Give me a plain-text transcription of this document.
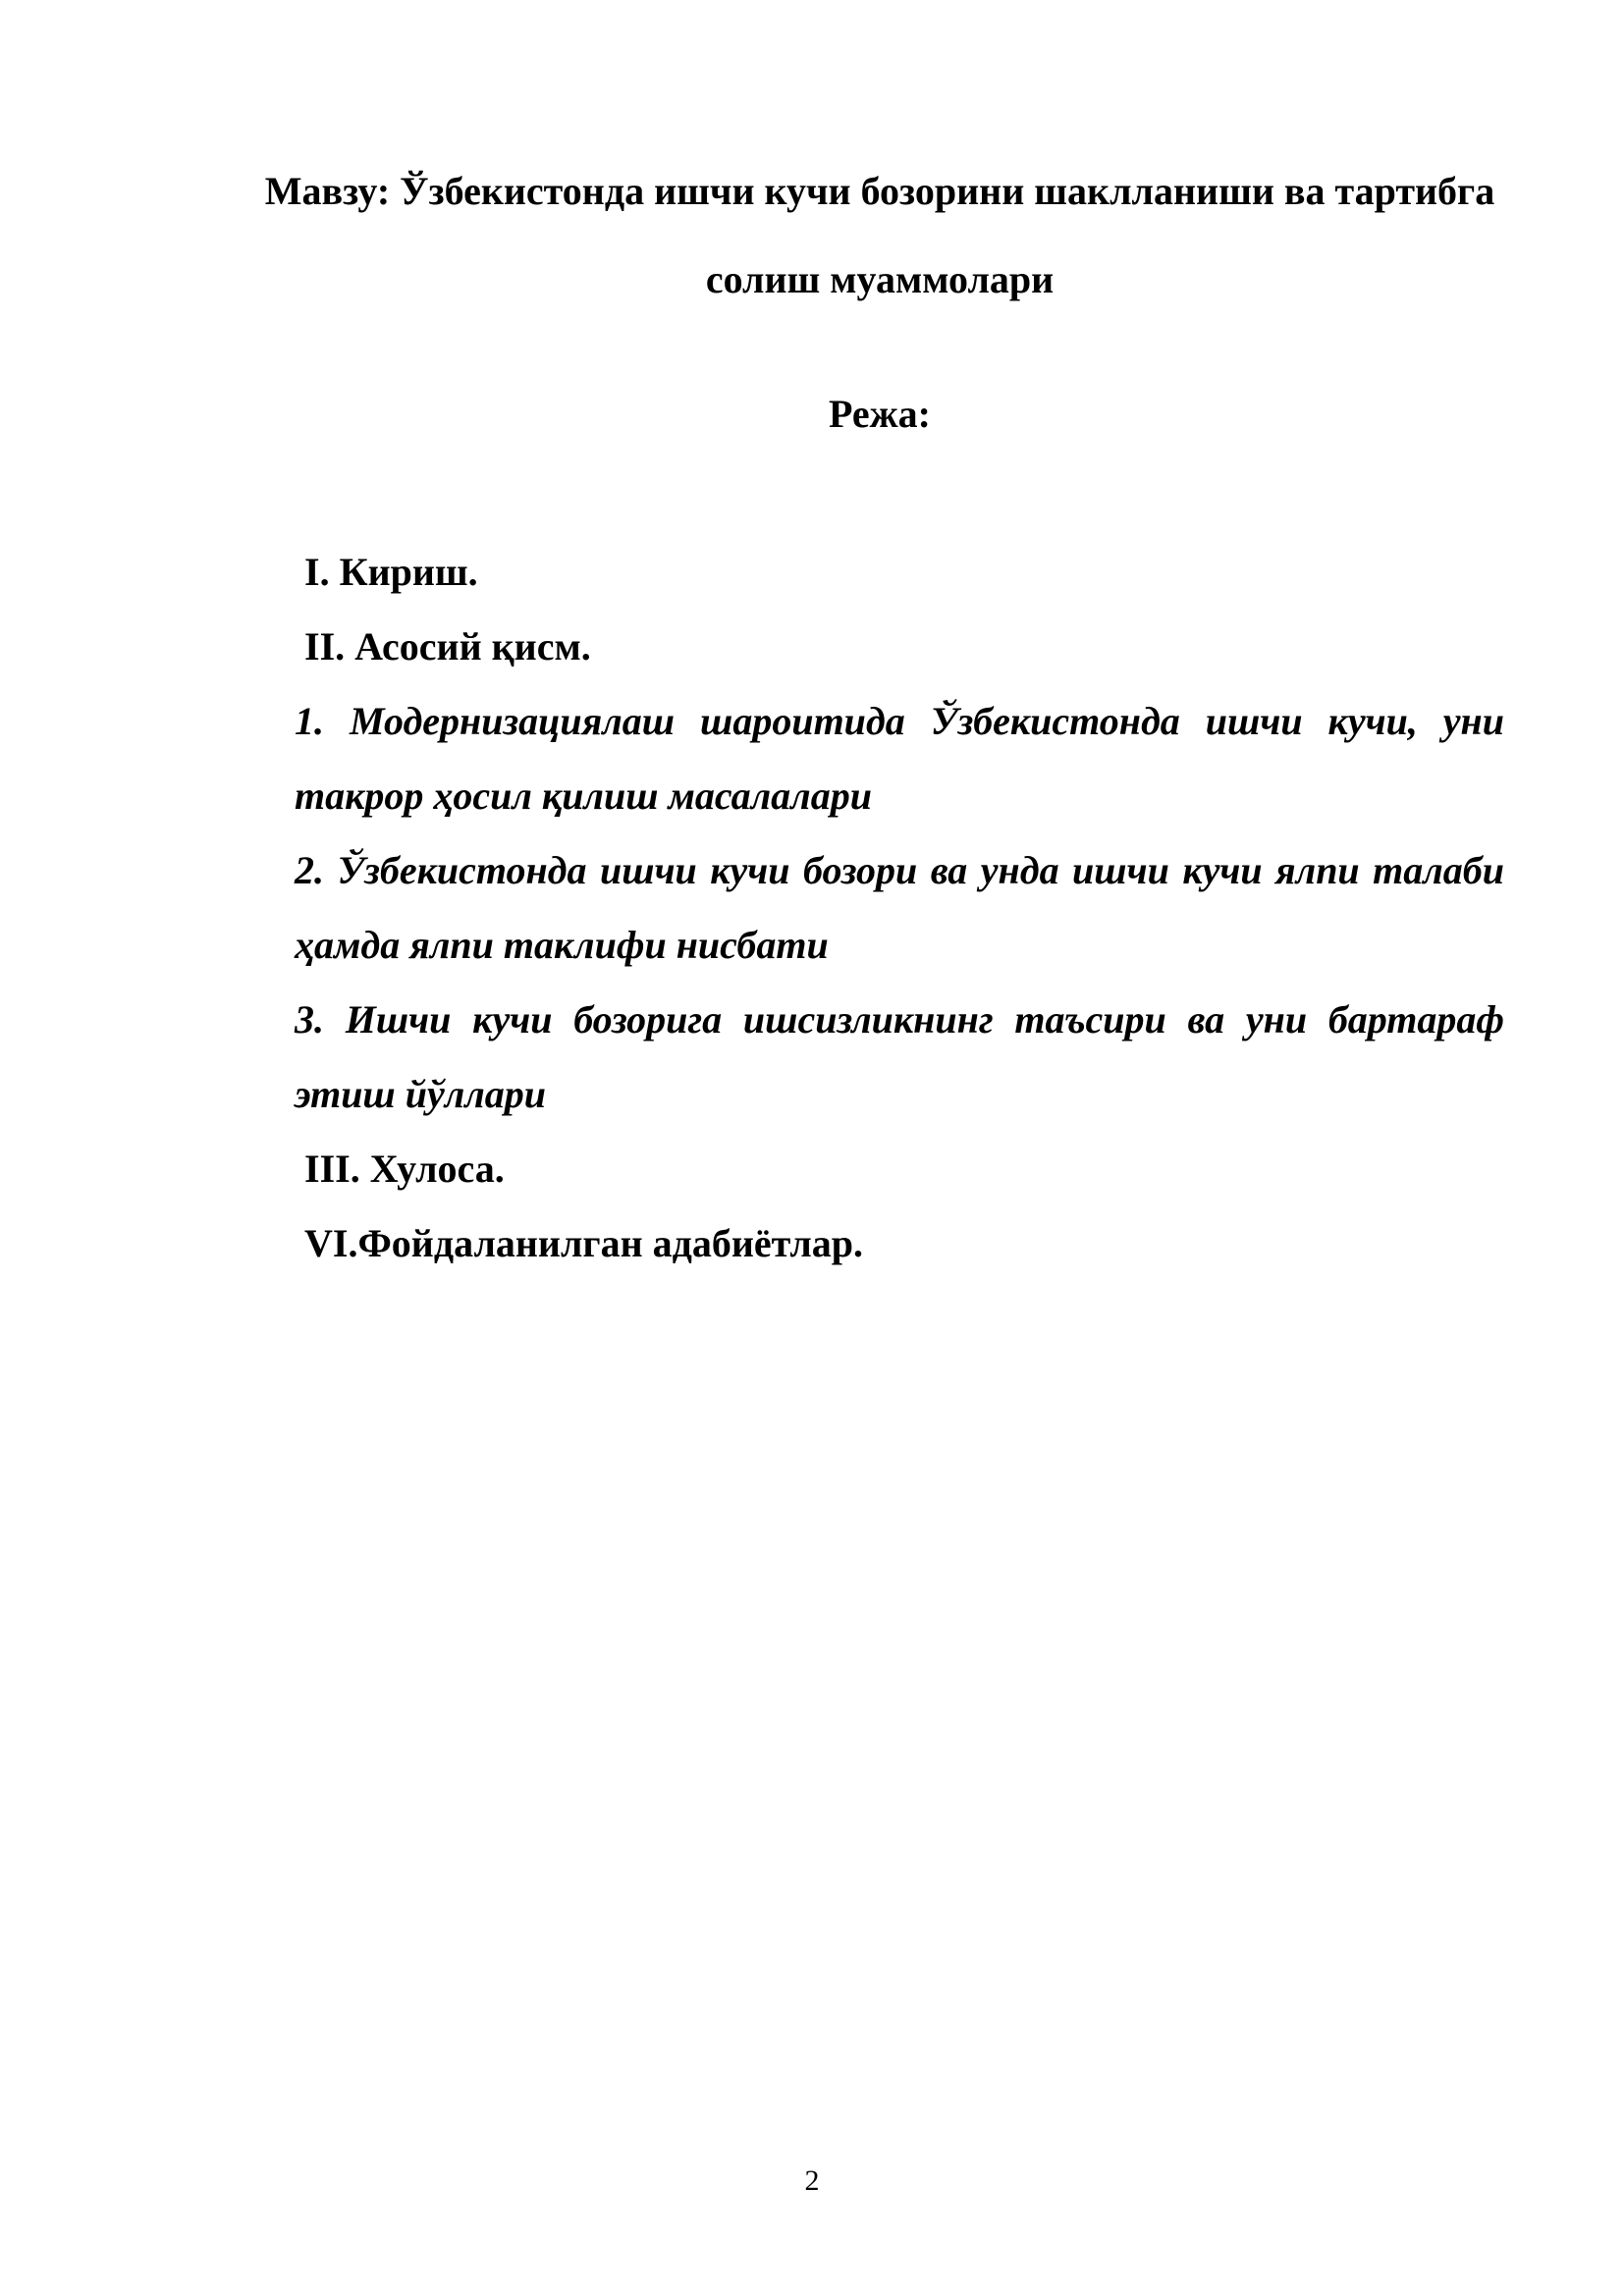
Мавзу: Ўзбекистонда ишчи кучи бозорини шаклланиши ва тартибга солиш муаммолари
Режа:
I. Кириш.
II. Асосий қисм.
1. Модернизациялаш шароитида Ўзбекистонда ишчи кучи, уни такрор ҳосил қилиш масалалари
2. Ўзбекистонда ишчи кучи бозори ва унда ишчи кучи ялпи талаби ҳамда ялпи таклифи нисбати
3. Ишчи кучи бозорига ишсизликнинг таъсири ва уни бартараф этиш йўллари
III. Хулоса.
VI.Фойдаланилган адабиётлар.
2
